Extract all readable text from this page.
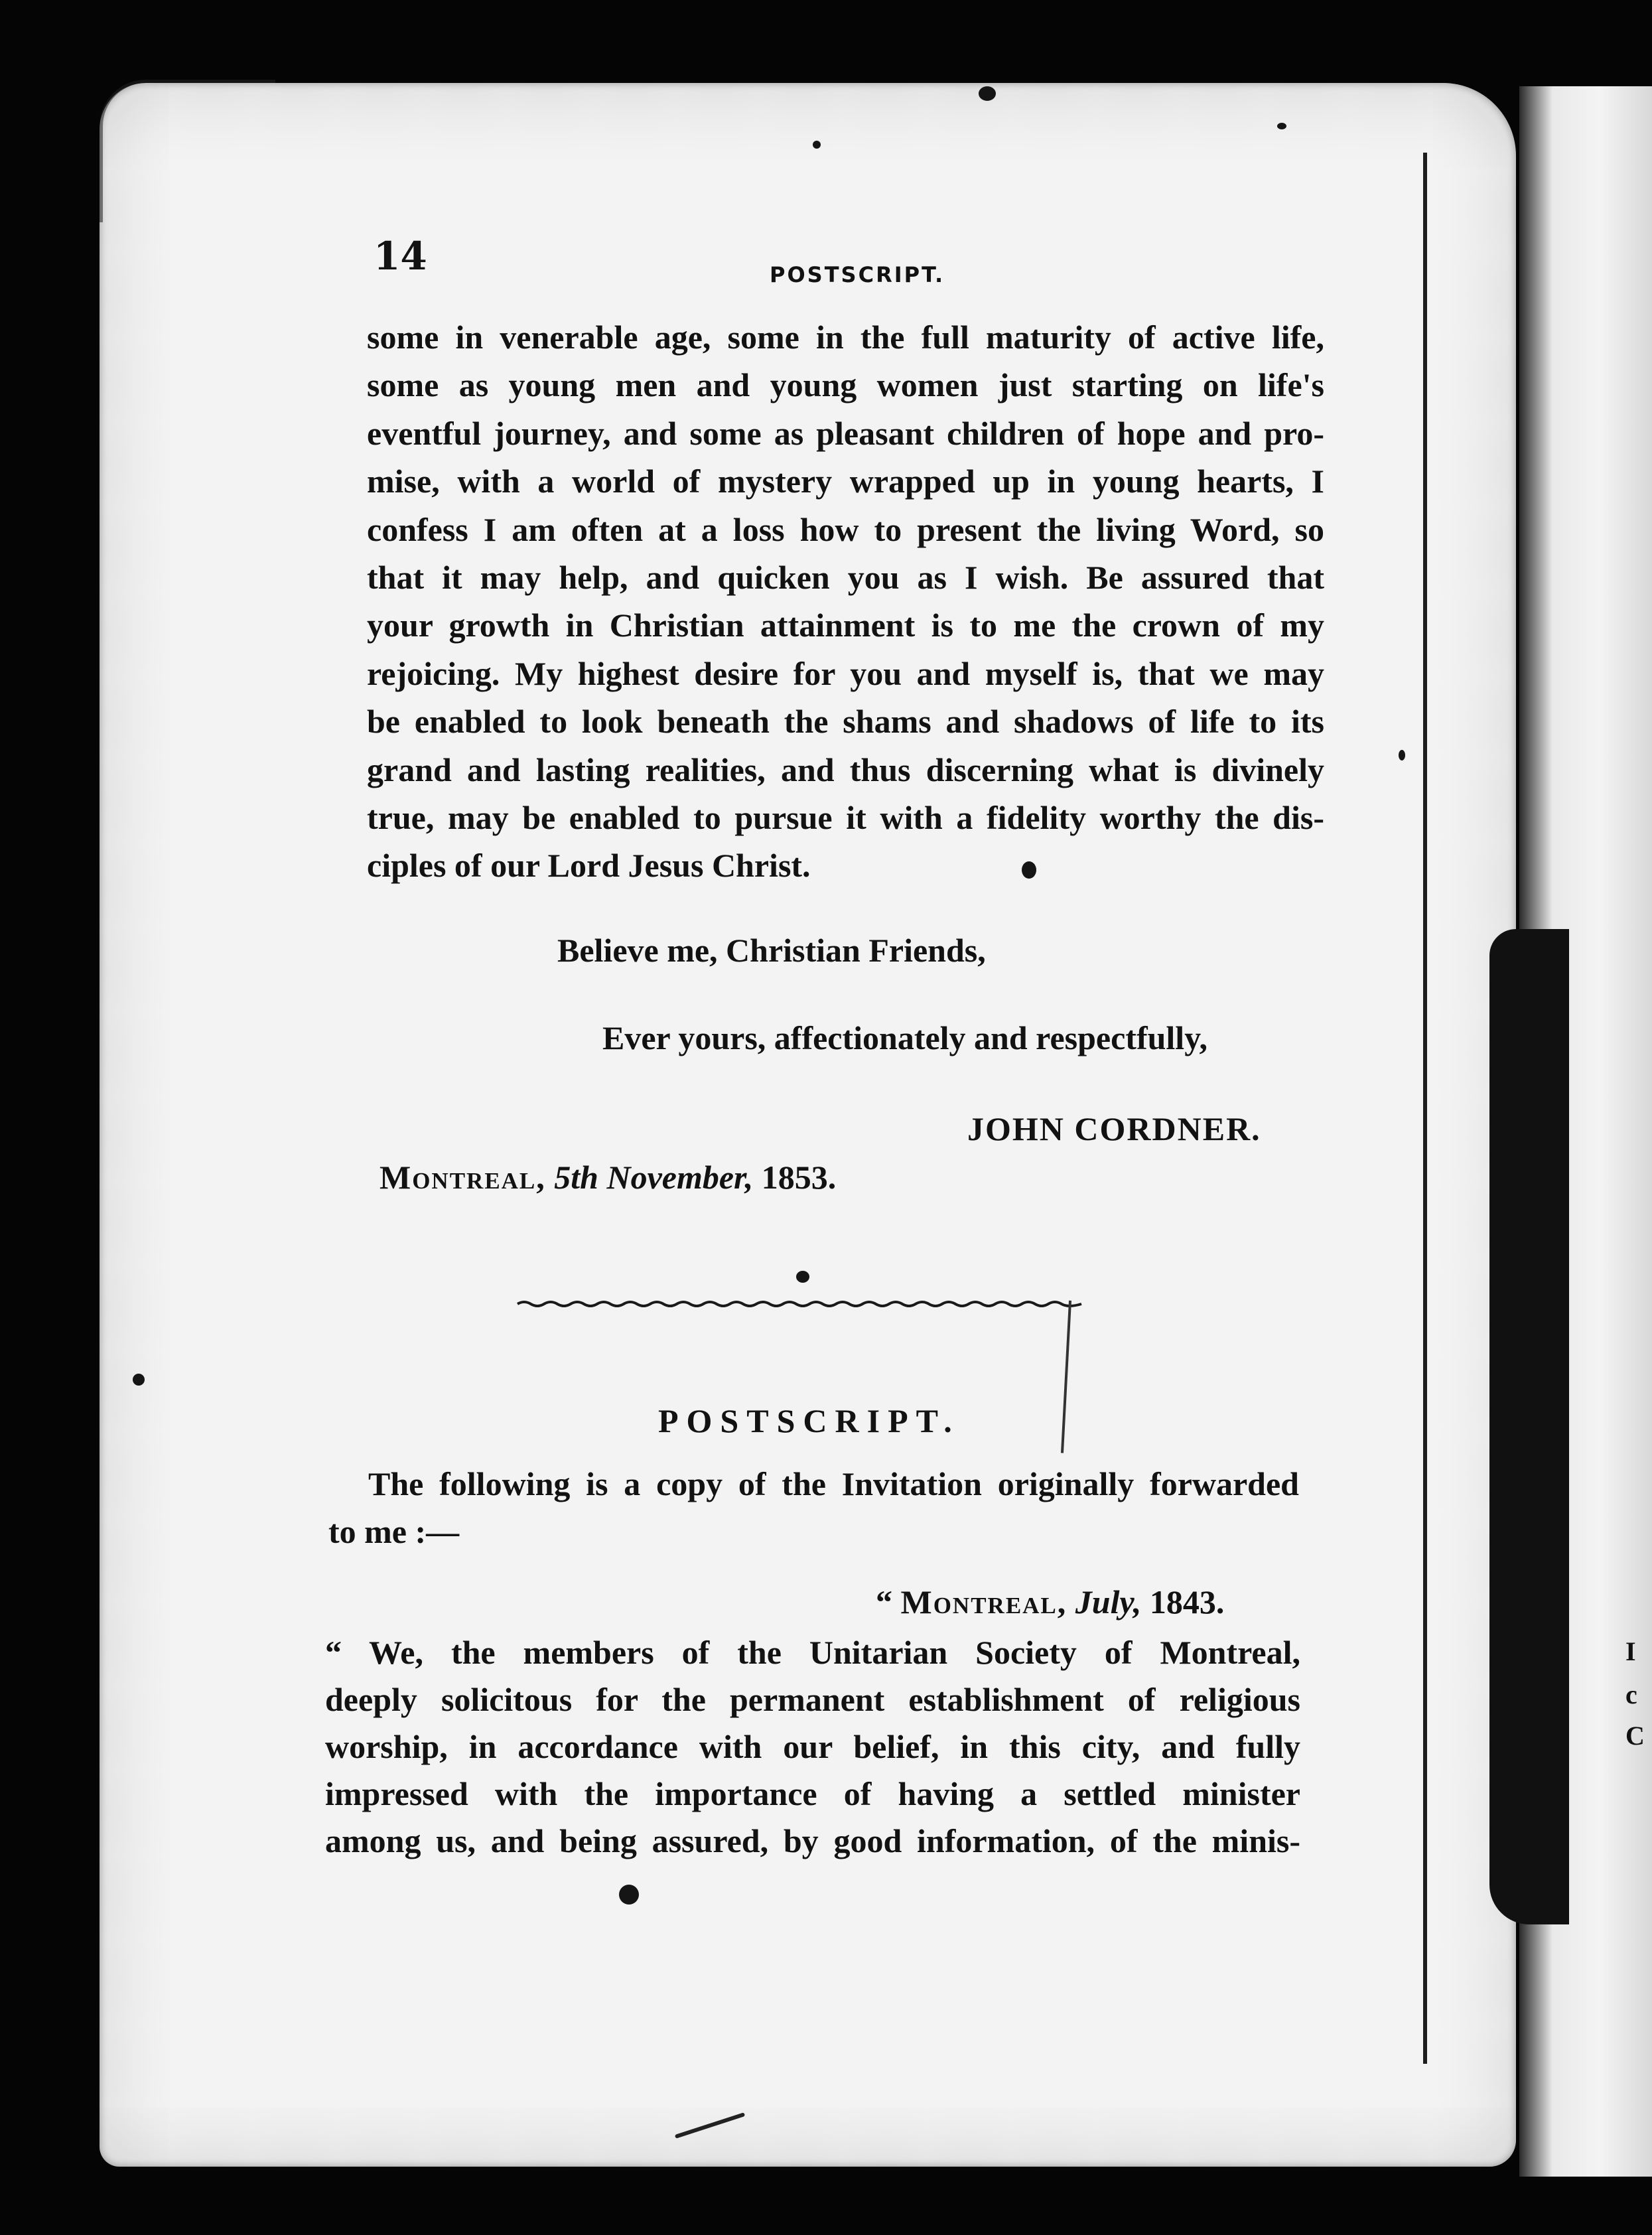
I
c
C
14	POSTSCRIPT.
some in venerable age, some in the full maturity of active life,
some as young men and young women just starting on life's
eventful journey, and some as pleasant children of hope and pro-
mise, with a world of mystery wrapped up in young hearts, I
confess I am often at a loss how to present the living Word, so
that it may help, and quicken you as I wish. Be assured that
your growth in Christian attainment is to me the crown of my
rejoicing. My highest desire for you and myself is, that we may
be enabled to look beneath the shams and shadows of life to its
grand and lasting realities, and thus discerning what is divinely
true, may be enabled to pursue it with a fidelity worthy the dis-
ciples of our Lord Jesus Christ.
Believe me, Christian Friends,
Ever yours, affectionately and respectfully,
JOHN CORDNER.
Montreal, 5th November, 1853.
POSTSCRIPT.
The following is a copy of the Invitation originally forwarded
to me :—
“ Montreal, July, 1843.
“ We, the members of the Unitarian Society of Montreal,
deeply solicitous for the permanent establishment of religious
worship, in accordance with our belief, in this city, and fully
impressed with the importance of having a settled minister
among us, and being assured, by good information, of the minis-
